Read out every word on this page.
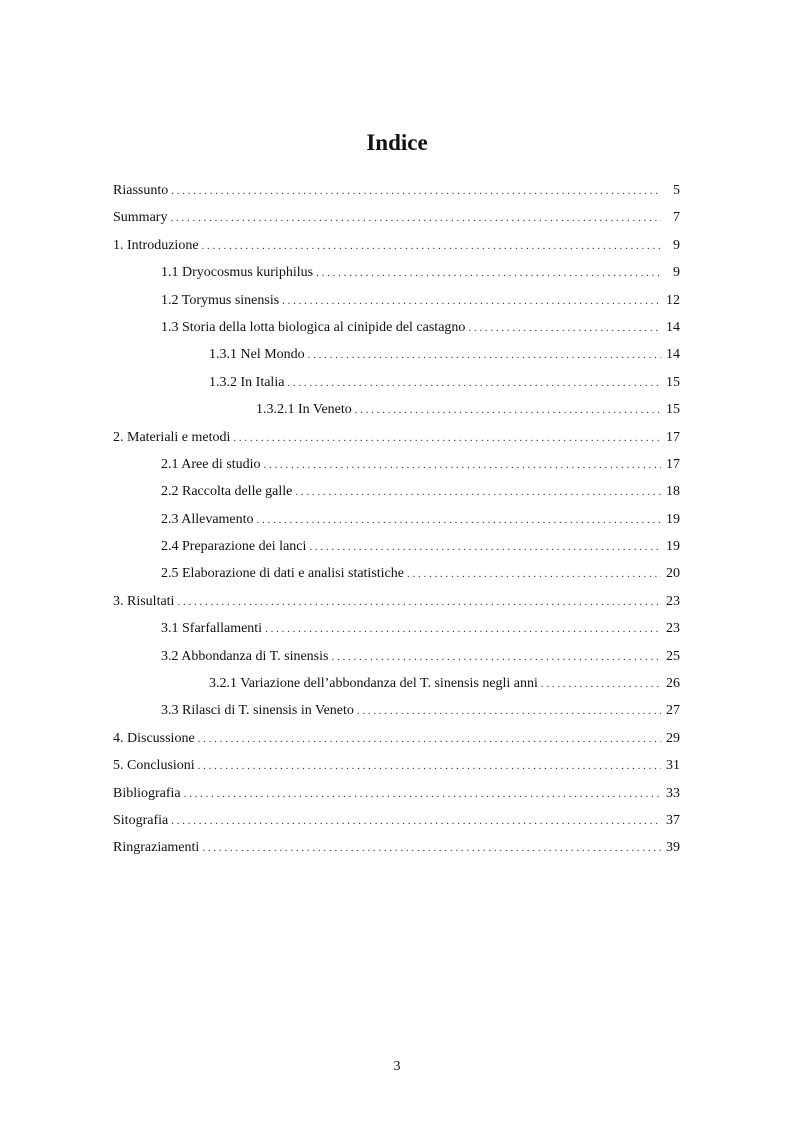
Indice
Riassunto . . .	5
Summary . . .	7
1. Introduzione . . .	9
1.1 Dryocosmus kuriphilus . . .	9
1.2 Torymus sinensis . . .	12
1.3 Storia della lotta biologica al cinipide del castagno . . .	14
1.3.1 Nel Mondo . . .	14
1.3.2 In Italia . . .	15
1.3.2.1 In Veneto . . .	15
2. Materiali e metodi . . .	17
2.1 Aree di studio . . .	17
2.2 Raccolta delle galle . . .	18
2.3 Allevamento . . .	19
2.4 Preparazione dei lanci . . .	19
2.5 Elaborazione di dati e analisi statistiche . . .	20
3. Risultati . . .	23
3.1 Sfarfallamenti . . .	23
3.2 Abbondanza di T. sinensis . . .	25
3.2.1 Variazione dell’abbondanza del T. sinensis negli anni . . .	26
3.3 Rilasci di T. sinensis in Veneto . . .	27
4. Discussione . . .	29
5. Conclusioni . . .	31
Bibliografia . . .	33
Sitografia . . .	37
Ringraziamenti . . .	39
3
